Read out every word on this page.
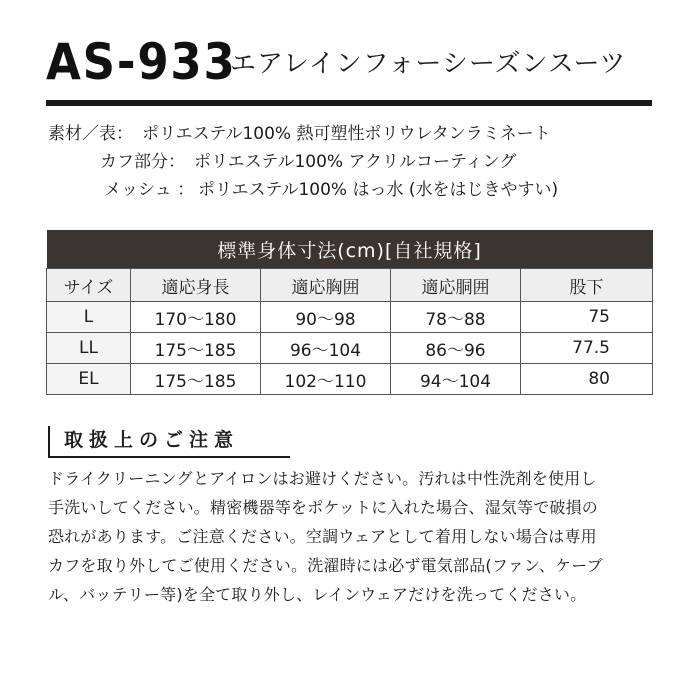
AS-933
エアレインフォーシーズンスーツ
素材／表： ポリエステル100% 熱可塑性ポリウレタンラミネート
カフ部分： ポリエステル100% アクリルコーティング
メッシュ ： ポリエステル100% はっ水 (水をはじきやすい)
標準身体寸法(cm)[自社規格]				
サイズ	適応身長	適応胸囲	適応胴囲	股下
L	170〜180	90〜98	78〜88	75
LL	175〜185	96〜104	86〜96	77.5
EL	175〜185	102〜110	94〜104	80
取扱上のご注意
ドライクリーニングとアイロンはお避けください。汚れは中性洗剤を使用し
手洗いしてください。精密機器等をポケットに入れた場合、湿気等で破損の
恐れがあります。ご注意ください。空調ウェアとして着用しない場合は専用
カフを取り外してご使用ください。洗濯時には必ず電気部品(ファン、ケーブ
ル、バッテリー等)を全て取り外し、レインウェアだけを洗ってください。
